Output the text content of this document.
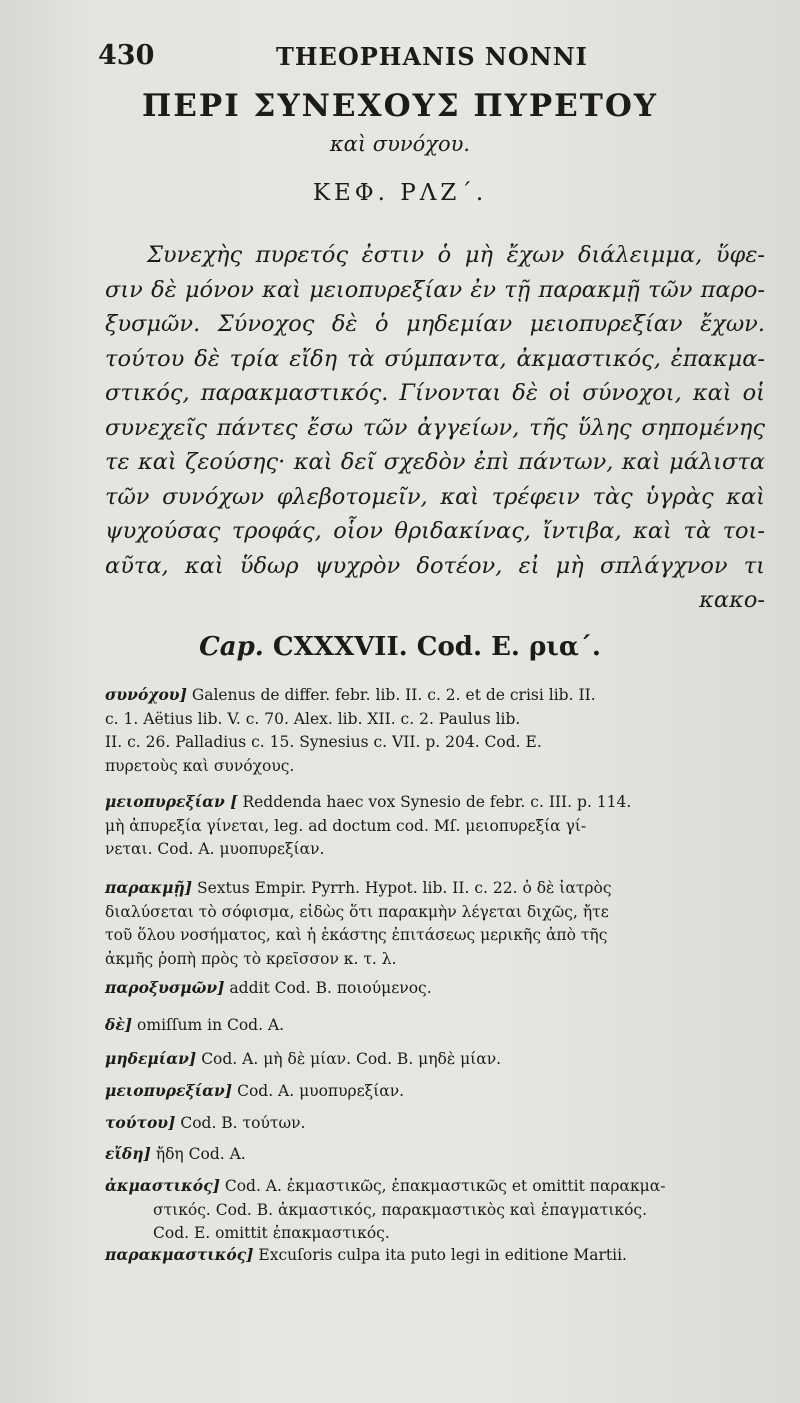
430	THEOPHANIS NONNI
ΠΕΡΙ ΣΥΝΕΧΟΥΣ ΠΥΡΕΤΟΥ
καὶ συνόχου.
ΚΕΦ. ΡΛΖ΄.
Συνεχὴς πυρετός ἐστιν ὁ μὴ ἔχων διάλειμμα, ὕφε-
σιν δὲ μόνον καὶ μειοπυρεξίαν ἐν τῇ παρακμῇ τῶν παρο-
ξυσμῶν. Σύνοχος δὲ ὁ μηδεμίαν μειοπυρεξίαν ἔχων.
τούτου δὲ τρία εἴδη τὰ σύμπαντα, ἀκμαστικός, ἐπακμα-
στικός, παρακμαστικός. Γίνονται δὲ οἱ σύνοχοι, καὶ οἱ
συνεχεῖς πάντες ἔσω τῶν ἀγγείων, τῆς ὕλης σηπομένης
τε καὶ ζεούσης· καὶ δεῖ σχεδὸν ἐπὶ πάντων, καὶ μάλιστα
τῶν συνόχων φλεβοτομεῖν, καὶ τρέφειν τὰς ὑγρὰς καὶ
ψυχούσας τροφάς, οἷον θριδακίνας, ἴντιβα, καὶ τὰ τοι-
αῦτα, καὶ ὕδωρ ψυχρὸν δοτέον, εἰ μὴ σπλάγχνον τι
κακο-
Cap. CXXXVII. Cod. E. ρια΄.
συνόχου] Galenus de differ. febr. lib. II. c. 2. et de crisi lib. II.
c. 1. Aëtius lib. V. c. 70. Alex. lib. XII. c. 2. Paulus lib.
II. c. 26. Palladius c. 15. Synesius c. VII. p. 204. Cod. E.
πυρετοὺς καὶ συνόχους.
μειοπυρεξίαν [ Reddenda haec vox Synesio de febr. c. III. p. 114.
μὴ ἀπυρεξία γίνεται, leg. ad doctum cod. Mſ. μειοπυρεξία γί-
νεται. Cod. A. μυοπυρεξίαν.
παρακμῇ] Sextus Empir. Pyrrh. Hypot. lib. II. c. 22. ὁ δὲ ἰατρὸς
διαλύσεται τὸ σόφισμα, εἰδὼς ὅτι παρακμὴν λέγεται διχῶς, ἤτε
τοῦ ὅλου νοσήματος, καὶ ἡ ἑκάστης ἐπιτάσεως μερικῆς ἀπὸ τῆς
ἀκμῆς ῥοπὴ πρὸς τὸ κρεῖσσον κ. τ. λ.
παροξυσμῶν] addit Cod. B. ποιούμενος.
δὲ] omiſſum in Cod. A.
μηδεμίαν] Cod. A. μὴ δὲ μίαν. Cod. B. μηδὲ μίαν.
μειοπυρεξίαν] Cod. A. μυοπυρεξίαν.
τούτου] Cod. B. τούτων.
εἴδη] ἤδη Cod. A.
ἀκμαστικός] Cod. A. ἐκμαστικῶς, ἐπακμαστικῶς et omittit παρακμα-
στικός. Cod. B. ἀκμαστικός, παρακμαστικὸς καὶ ἐπαγματικός.
Cod. E. omittit ἐπακμαστικός.
παρακμαστικός] Excuſoris culpa ita puto legi in editione Martii.
